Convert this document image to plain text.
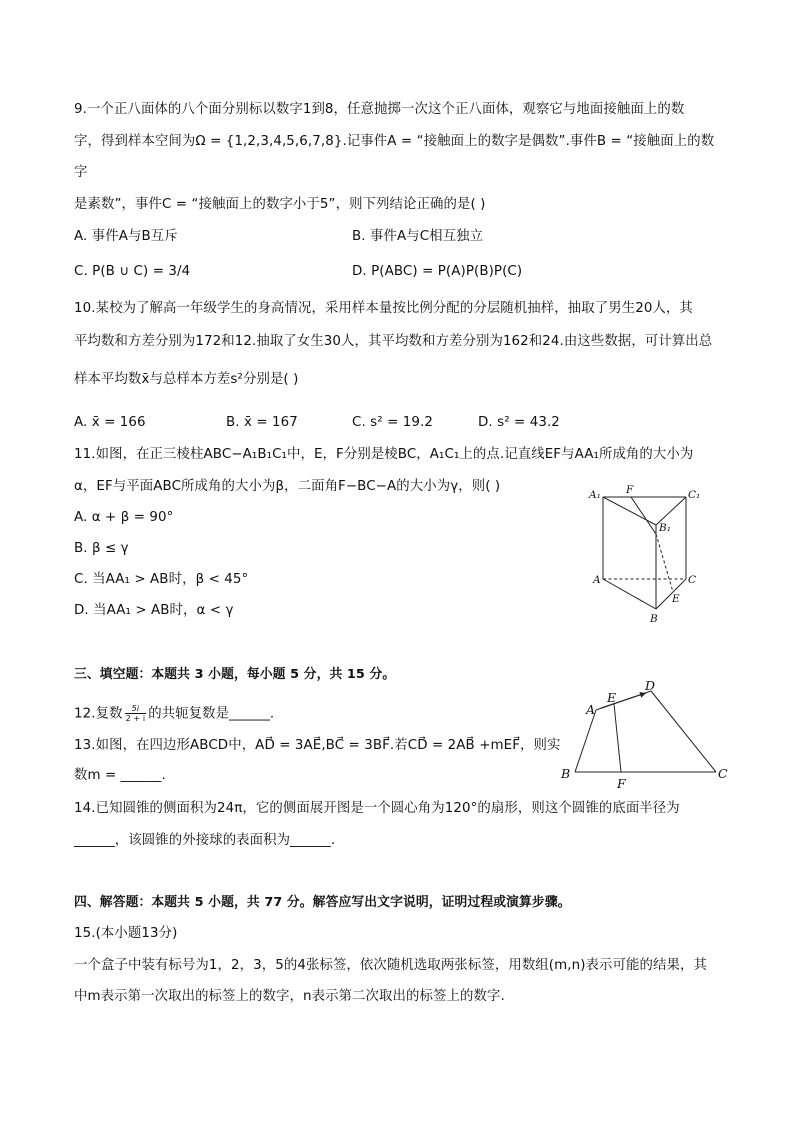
9.一个正八面体的八个面分别标以数字1到8，任意抛掷一次这个正八面体，观察它与地面接触面上的数
字，得到样本空间为Ω = {1,2,3,4,5,6,7,8}.记事件A = “接触面上的数字是偶数”.事件B = “接触面上的数
字
是素数”，事件C = “接触面上的数字小于5”，则下列结论正确的是( )
A. 事件A与B互斥	B. 事件A与C相互独立
C. P(B ∪ C) = 3/4	D. P(ABC) = P(A)P(B)P(C)
10.某校为了解高一年级学生的身高情况，采用样本量按比例分配的分层随机抽样，抽取了男生20人，其
平均数和方差分别为172和12.抽取了女生30人，其平均数和方差分别为162和24.由这些数据，可计算出总
样本平均数x̄与总样本方差s²分别是( )
A. x̄ = 166	B. x̄ = 167	C. s² = 19.2	D. s² = 43.2
11.如图，在正三棱柱ABC−A₁B₁C₁中，E，F分别是棱BC，A₁C₁上的点.记直线EF与AA₁所成角的大小为
α，EF与平面ABC所成角的大小为β，二面角F−BC−A的大小为γ，则( )
A. α + β = 90°
B. β ≤ γ
C. 当AA₁ > AB时，β < 45°
D. 当AA₁ > AB时，α < γ
A₁ F	C₁
B₁
A	C
E
B
三、填空题：本题共 3 小题，每小题 5 分，共 15 分。
12.复数 $\frac{5i}{2 + i}$ 的共轭复数是______.
13.如图，在四边形ABCD中，AD⃗ = 3AE⃗,BC⃗ = 3BF⃗.若CD⃗ = 2AB⃗ +mEF⃗，则实
数m = ______.
A
E
D
B
F
C
14.已知圆锥的侧面积为24π，它的侧面展开图是一个圆心角为120°的扇形，则这个圆锥的底面半径为
______，该圆锥的外接球的表面积为______.
四、解答题：本题共 5 小题，共 77 分。解答应写出文字说明，证明过程或演算步骤。
15.(本小题13分)
一个盒子中装有标号为1，2，3，5的4张标签，依次随机选取两张标签，用数组(m,n)表示可能的结果，其
中m表示第一次取出的标签上的数字，n表示第二次取出的标签上的数字.
